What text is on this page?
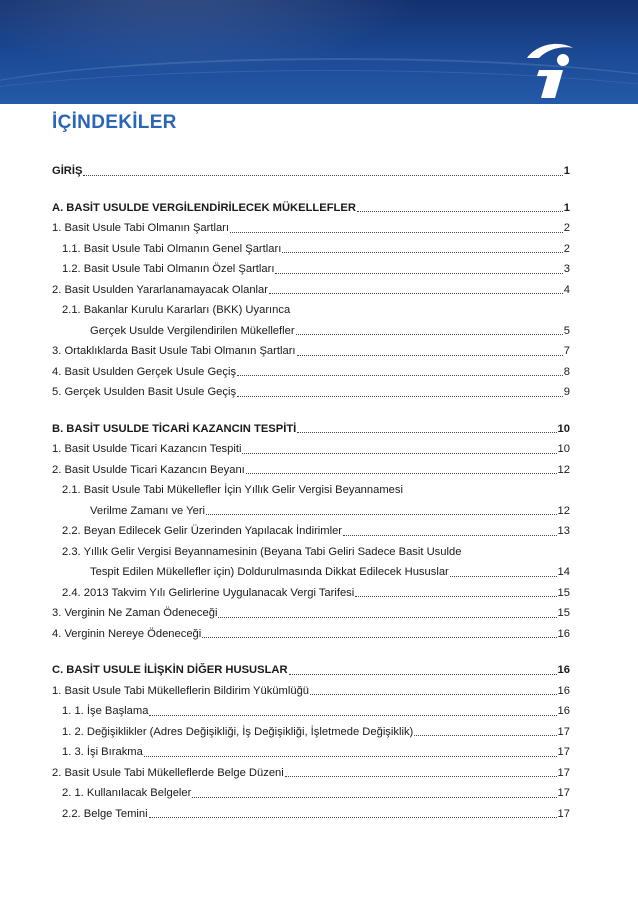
İÇİNDEKİLER
GİRİŞ	1
A. BASİT USULDE VERGİLENDİRİLECEK MÜKELLEFLER	1
1. Basit Usule Tabi Olmanın Şartları	2
1.1. Basit Usule Tabi Olmanın Genel Şartları	2
1.2. Basit Usule Tabi Olmanın Özel Şartları	3
2. Basit Usulden Yararlanamayacak Olanlar	4
2.1. Bakanlar Kurulu Kararları (BKK) Uyarınca
Gerçek Usulde Vergilendirilen Mükellefler	5
3. Ortaklıklarda Basit Usule Tabi Olmanın Şartları	7
4. Basit Usulden Gerçek Usule Geçiş	8
5. Gerçek Usulden Basit Usule Geçiş	9
B. BASİT USULDE TİCARİ KAZANCIN TESPİTİ	10
1. Basit Usulde Ticari Kazancın Tespiti	10
2. Basit Usulde Ticari Kazancın Beyanı	12
2.1. Basit Usule Tabi Mükellefler İçin Yıllık Gelir Vergisi Beyannamesi
Verilme Zamanı ve Yeri	12
2.2. Beyan Edilecek Gelir Üzerinden Yapılacak İndirimler	13
2.3. Yıllık Gelir Vergisi Beyannamesinin (Beyana Tabi Geliri Sadece Basit Usulde
Tespit Edilen Mükellefler için) Doldurulmasında Dikkat Edilecek Hususlar	14
2.4. 2013 Takvim Yılı Gelirlerine Uygulanacak Vergi Tarifesi	15
3. Verginin Ne Zaman Ödeneceği	15
4. Verginin Nereye Ödeneceği	16
C. BASİT USULE İLİŞKİN DİĞER HUSUSLAR	16
1. Basit Usule Tabi Mükelleflerin Bildirim Yükümlüğü	16
1. 1. İşe Başlama	16
1. 2. Değişiklikler (Adres Değişikliği, İş Değişikliği, İşletmede Değişiklik)	17
1. 3. İşi Bırakma	17
2. Basit Usule Tabi Mükelleflerde Belge Düzeni	17
2. 1. Kullanılacak Belgeler	17
2.2. Belge Temini	17
